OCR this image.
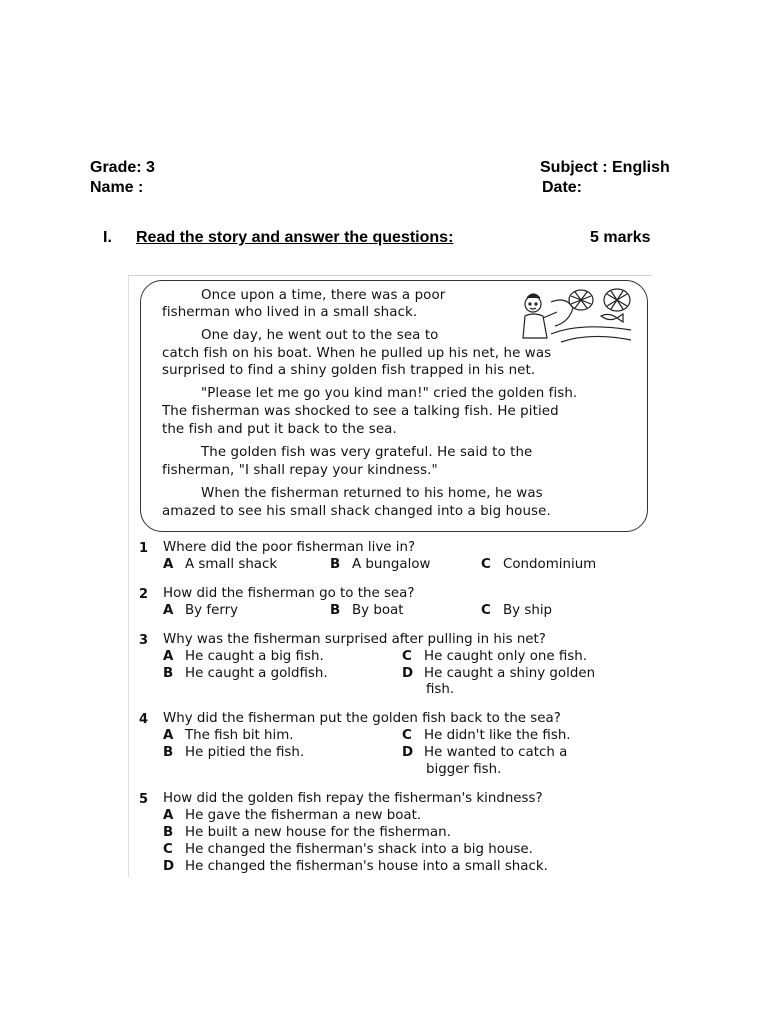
Grade: 3	Subject : English
Name :	Date:
I. Read the story and answer the questions:	5 marks
Once upon a time, there was a poor
fisherman who lived in a small shack.
One day, he went out to the sea to
catch fish on his boat. When he pulled up his net, he was
surprised to find a shiny golden fish trapped in his net.
"Please let me go you kind man!" cried the golden fish.
The fisherman was shocked to see a talking fish. He pitied
the fish and put it back to the sea.
The golden fish was very grateful. He said to the
fisherman, "I shall repay your kindness."
When the fisherman returned to his home, he was
amazed to see his small shack changed into a big house.
1 Where did the poor fisherman live in?
A A small shack	B A bungalow	C Condominium
2 How did the fisherman go to the sea?
A By ferry	B By boat	C By ship
3 Why was the fisherman surprised after pulling in his net?
A He caught a big fish.	C He caught only one fish.
B He caught a goldfish.	D He caught a shiny golden
fish.
4 Why did the fisherman put the golden fish back to the sea?
A The fish bit him.	C He didn't like the fish.
B He pitied the fish.	D He wanted to catch a
bigger fish.
5 How did the golden fish repay the fisherman's kindness?
A He gave the fisherman a new boat.
B He built a new house for the fisherman.
C He changed the fisherman's shack into a big house.
D He changed the fisherman's house into a small shack.
